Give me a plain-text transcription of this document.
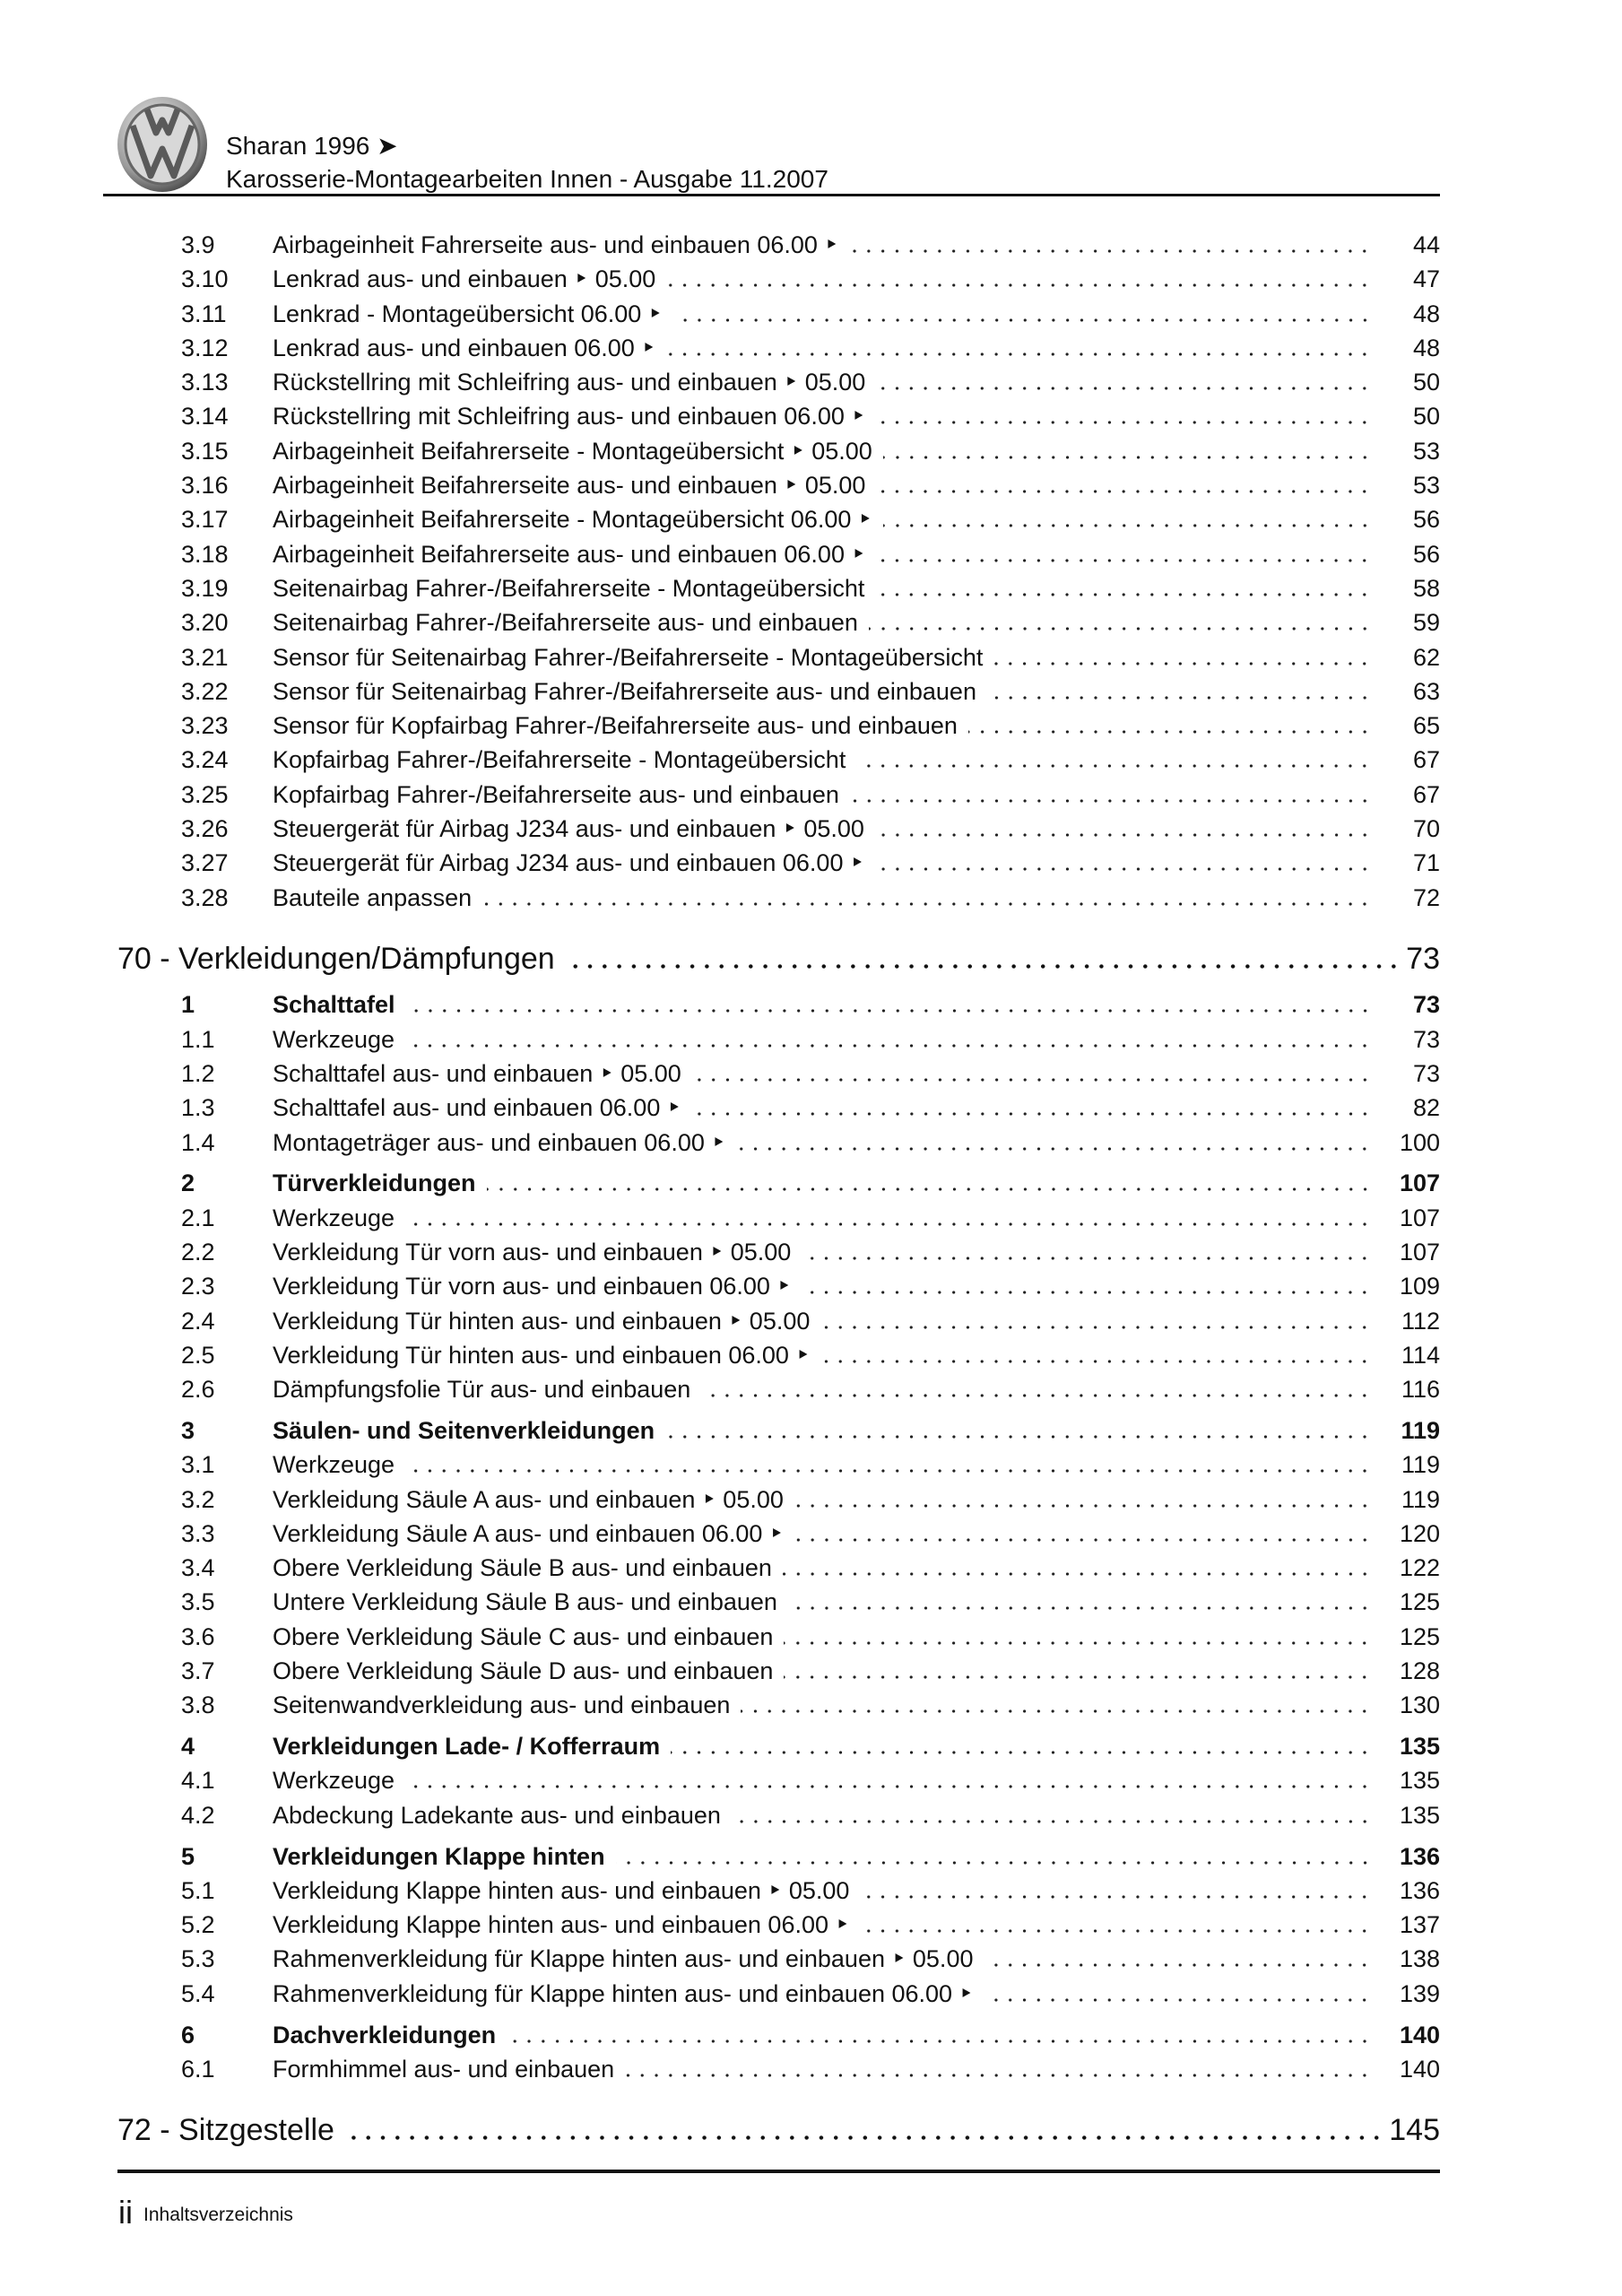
Sharan 1996 ➤
Karosserie-Montagearbeiten Innen - Ausgabe 11.2007
3.9 Airbageinheit Fahrerseite aus- und einbauen 06.00 ‣	44
3.10 Lenkrad aus- und einbauen ‣ 05.00	47
3.11 Lenkrad - Montageübersicht 06.00 ‣	48
3.12 Lenkrad aus- und einbauen 06.00 ‣	48
3.13 Rückstellring mit Schleifring aus- und einbauen ‣ 05.00	50
3.14 Rückstellring mit Schleifring aus- und einbauen 06.00 ‣	50
3.15 Airbageinheit Beifahrerseite - Montageübersicht ‣ 05.00	53
3.16 Airbageinheit Beifahrerseite aus- und einbauen ‣ 05.00	53
3.17 Airbageinheit Beifahrerseite - Montageübersicht 06.00 ‣	56
3.18 Airbageinheit Beifahrerseite aus- und einbauen 06.00 ‣	56
3.19 Seitenairbag Fahrer-/Beifahrerseite - Montageübersicht	58
3.20 Seitenairbag Fahrer-/Beifahrerseite aus- und einbauen	59
3.21 Sensor für Seitenairbag Fahrer-/Beifahrerseite - Montageübersicht	62
3.22 Sensor für Seitenairbag Fahrer-/Beifahrerseite aus- und einbauen	63
3.23 Sensor für Kopfairbag Fahrer-/Beifahrerseite aus- und einbauen	65
3.24 Kopfairbag Fahrer-/Beifahrerseite - Montageübersicht	67
3.25 Kopfairbag Fahrer-/Beifahrerseite aus- und einbauen	67
3.26 Steuergerät für Airbag J234 aus- und einbauen ‣ 05.00	70
3.27 Steuergerät für Airbag J234 aus- und einbauen 06.00 ‣	71
3.28 Bauteile anpassen	72
70 - Verkleidungen/Dämpfungen	73
1	Schalttafel	73
1.1 Werkzeuge	73
1.2 Schalttafel aus- und einbauen ‣ 05.00	73
1.3 Schalttafel aus- und einbauen 06.00 ‣	82
1.4 Montageträger aus- und einbauen 06.00 ‣	100
2	Türverkleidungen	107
2.1 Werkzeuge	107
2.2 Verkleidung Tür vorn aus- und einbauen ‣ 05.00	107
2.3 Verkleidung Tür vorn aus- und einbauen 06.00 ‣	109
2.4 Verkleidung Tür hinten aus- und einbauen ‣ 05.00	112
2.5 Verkleidung Tür hinten aus- und einbauen 06.00 ‣	114
2.6 Dämpfungsfolie Tür aus- und einbauen	116
3	Säulen- und Seitenverkleidungen	119
3.1 Werkzeuge	119
3.2 Verkleidung Säule A aus- und einbauen ‣ 05.00	119
3.3 Verkleidung Säule A aus- und einbauen 06.00 ‣	120
3.4 Obere Verkleidung Säule B aus- und einbauen	122
3.5 Untere Verkleidung Säule B aus- und einbauen	125
3.6 Obere Verkleidung Säule C aus- und einbauen	125
3.7 Obere Verkleidung Säule D aus- und einbauen	128
3.8 Seitenwandverkleidung aus- und einbauen	130
4	Verkleidungen Lade- / Kofferraum	135
4.1 Werkzeuge	135
4.2 Abdeckung Ladekante aus- und einbauen	135
5	Verkleidungen Klappe hinten	136
5.1 Verkleidung Klappe hinten aus- und einbauen ‣ 05.00	136
5.2 Verkleidung Klappe hinten aus- und einbauen 06.00 ‣	137
5.3 Rahmenverkleidung für Klappe hinten aus- und einbauen ‣ 05.00	138
5.4 Rahmenverkleidung für Klappe hinten aus- und einbauen 06.00 ‣	139
6	Dachverkleidungen	140
6.1 Formhimmel aus- und einbauen	140
72 - Sitzgestelle	145
ii Inhaltsverzeichnis
